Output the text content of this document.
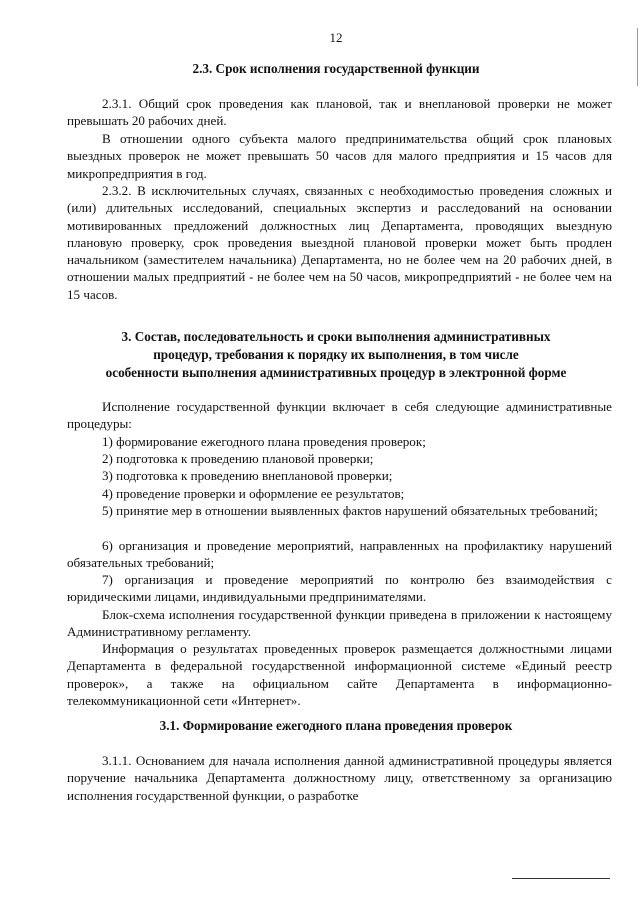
12
2.3. Срок исполнения государственной функции

2.3.1. Общий срок проведения как плановой, так и внеплановой проверки не может превышать 20 рабочих дней.

В отношении одного субъекта малого предпринимательства общий срок плановых выездных проверок не может превышать 50 часов для малого предприятия и 15 часов для микропредприятия в год.

2.3.2. В исключительных случаях, связанных с необходимостью проведения сложных и (или) длительных исследований, специальных экспертиз и расследований на основании мотивированных предложений должностных лиц Департамента, проводящих выездную плановую проверку, срок проведения выездной плановой проверки может быть продлен начальником (заместителем начальника) Департамента, но не более чем на 20 рабочих дней, в отношении малых предприятий - не более чем на 50 часов, микропредприятий - не более чем на 15 часов.

3. Состав, последовательность и сроки выполнения административных
процедур, требования к порядку их выполнения, в том числе
особенности выполнения административных процедур в электронной форме

Исполнение государственной функции включает в себя следующие административные процедуры:

1) формирование ежегодного плана проведения проверок;

2) подготовка к проведению плановой проверки;

3) подготовка к проведению внеплановой проверки;

4) проведение проверки и оформление ее результатов;

5) принятие мер в отношении выявленных фактов нарушений обязательных требований;

6) организация и проведение мероприятий, направленных на профилактику нарушений обязательных требований;

7) организация и проведение мероприятий по контролю без взаимодействия с юридическими лицами, индивидуальными предпринимателями.

Блок-схема исполнения государственной функции приведена в приложении к настоящему Административному регламенту.

Информация о результатах проведенных проверок размещается должностными лицами Департамента в федеральной государственной информационной системе «Единый реестр проверок», а также на официальном сайте Департамента в информационно-телекоммуникационной сети «Интернет».

3.1. Формирование ежегодного плана проведения проверок

3.1.1. Основанием для начала исполнения данной административной процедуры является поручение начальника Департамента должностному лицу, ответственному за организацию исполнения государственной функции, о разработке
